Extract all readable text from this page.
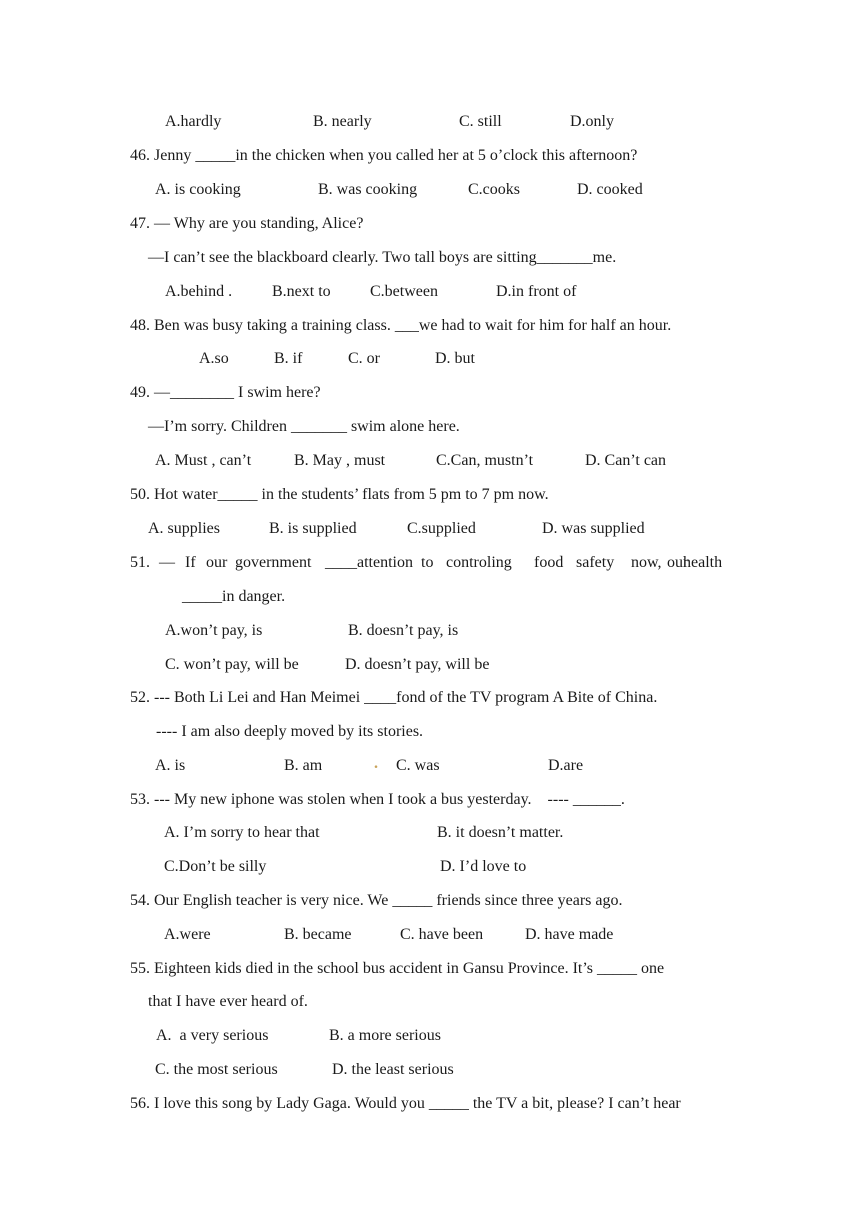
A.hardly	B. nearly	C. still	D.only
46. Jenny _____in the chicken when you called her at 5 o’clock this afternoon?
A. is cooking	B. was cooking	C.cooks	D. cooked
47. — Why are you standing, Alice?
—I can’t see the blackboard clearly. Two tall boys are sitting_______me.
A.behind . B.next to C.between	D.in front of
48. Ben was busy taking a training class. ___we had to wait for him for half an hour.
A.so	B. if	C. or	D. but
49. —________ I swim here?
—I’m sorry. Children _______ swim alone here.
A. Must , can’t	B. May , must	C.Can, mustn’t	D. Can’t can
50. Hot water_____ in the students’ flats from 5 pm to 7 pm now.
A. supplies	B. is supplied	C.supplied	D. was supplied
51. — If our government ____attention to controling food safety now, our
health
_____in danger.
A.won’t pay, is	B. doesn’t pay, is
C. won’t pay, will be	D. doesn’t pay, will be
52. --- Both Li Lei and Han Meimei ____fond of the TV program A Bite of China.
---- I am also deeply moved by its stories.
A. is	B. am	. C. was	D.are
53. --- My new iphone was stolen when I took a bus yesterday.    ---- ______.
A. I’m sorry to hear that	B. it doesn’t matter.
C.Don’t be silly	D. I’d love to
54. Our English teacher is very nice. We _____ friends since three years ago.
A.were	B. became	C. have been	D. have made
55. Eighteen kids died in the school bus accident in Gansu Province. It’s _____ one
that I have ever heard of.
A.  a very serious	B. a more serious
C. the most serious	D. the least serious
56. I love this song by Lady Gaga. Would you _____ the TV a bit, please? I can’t hear
